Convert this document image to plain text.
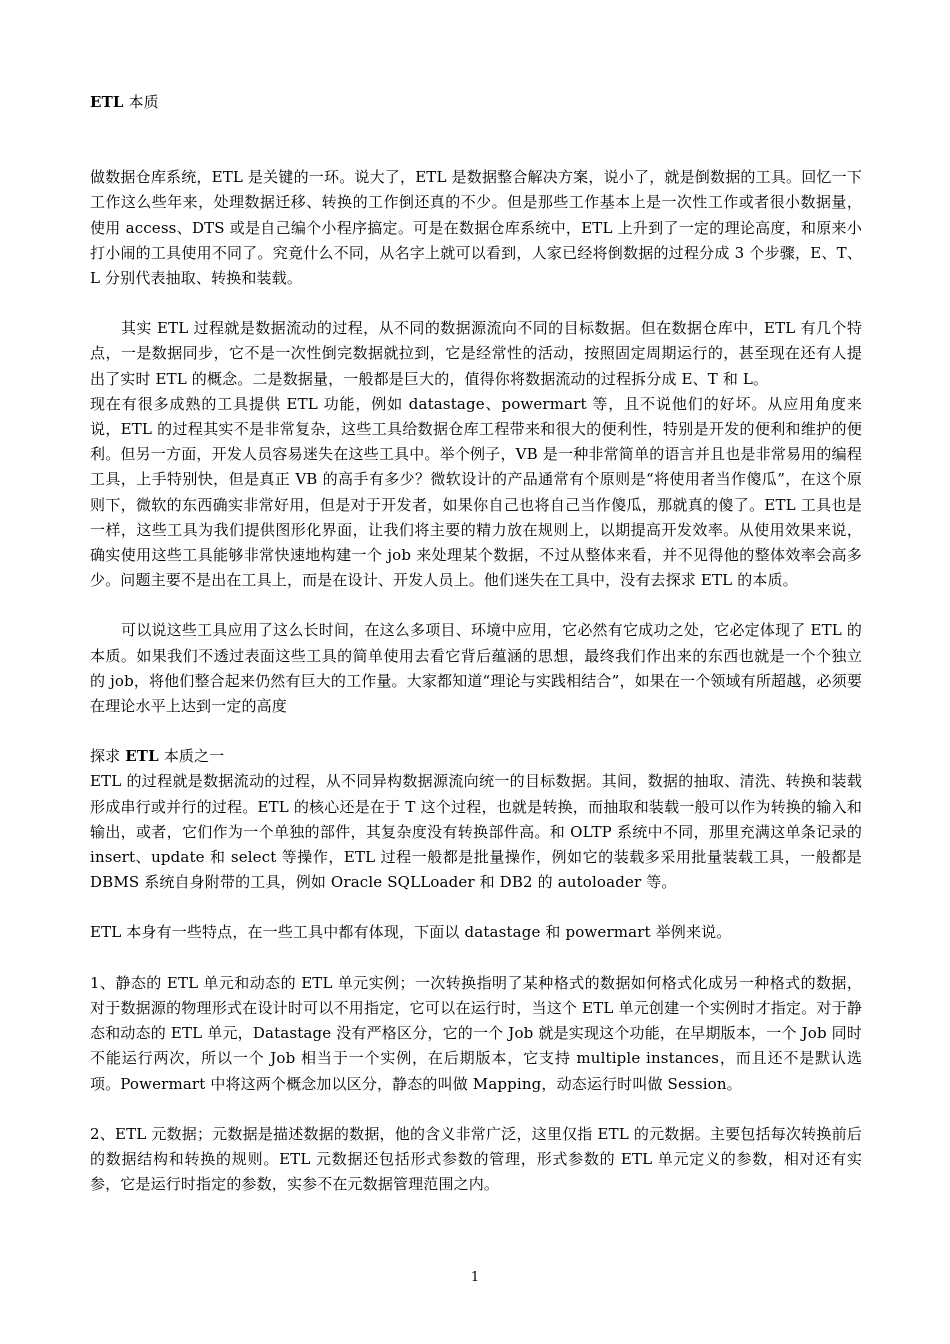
ETL 本质

做数据仓库系统，ETL 是关键的一环。说大了，ETL 是数据整合解决方案，说小了，就是倒数据的工具。回忆一下工作这么些年来，处理数据迁移、转换的工作倒还真的不少。但是那些工作基本上是一次性工作或者很小数据量，使用 access、DTS 或是自己编个小程序搞定。可是在数据仓库系统中，ETL 上升到了一定的理论高度，和原来小打小闹的工具使用不同了。究竟什么不同，从名字上就可以看到，人家已经将倒数据的过程分成 3 个步骤，E、T、L 分别代表抽取、转换和装载。

其实 ETL 过程就是数据流动的过程，从不同的数据源流向不同的目标数据。但在数据仓库中，ETL 有几个特点，一是数据同步，它不是一次性倒完数据就拉到，它是经常性的活动，按照固定周期运行的，甚至现在还有人提出了实时 ETL 的概念。二是数据量，一般都是巨大的，值得你将数据流动的过程拆分成 E、T 和 L。

现在有很多成熟的工具提供 ETL 功能，例如 datastage、powermart 等，且不说他们的好坏。从应用角度来说，ETL 的过程其实不是非常复杂，这些工具给数据仓库工程带来和很大的便利性，特别是开发的便利和维护的便利。但另一方面，开发人员容易迷失在这些工具中。举个例子，VB 是一种非常简单的语言并且也是非常易用的编程工具，上手特别快，但是真正 VB 的高手有多少？微软设计的产品通常有个原则是“将使用者当作傻瓜”，在这个原则下，微软的东西确实非常好用，但是对于开发者，如果你自己也将自己当作傻瓜，那就真的傻了。ETL 工具也是一样，这些工具为我们提供图形化界面，让我们将主要的精力放在规则上，以期提高开发效率。从使用效果来说，确实使用这些工具能够非常快速地构建一个 job 来处理某个数据，不过从整体来看，并不见得他的整体效率会高多少。问题主要不是出在工具上，而是在设计、开发人员上。他们迷失在工具中，没有去探求 ETL 的本质。

可以说这些工具应用了这么长时间，在这么多项目、环境中应用，它必然有它成功之处，它必定体现了 ETL 的本质。如果我们不透过表面这些工具的简单使用去看它背后蕴涵的思想，最终我们作出来的东西也就是一个个独立的 job，将他们整合起来仍然有巨大的工作量。大家都知道“理论与实践相结合”，如果在一个领域有所超越，必须要在理论水平上达到一定的高度

探求 ETL 本质之一

ETL 的过程就是数据流动的过程，从不同异构数据源流向统一的目标数据。其间，数据的抽取、清洗、转换和装载形成串行或并行的过程。ETL 的核心还是在于 T 这个过程，也就是转换，而抽取和装载一般可以作为转换的输入和输出，或者，它们作为一个单独的部件，其复杂度没有转换部件高。和 OLTP 系统中不同，那里充满这单条记录的 insert、update 和 select 等操作，ETL 过程一般都是批量操作，例如它的装载多采用批量装载工具，一般都是 DBMS 系统自身附带的工具，例如 Oracle SQLLoader 和 DB2 的 autoloader 等。

ETL 本身有一些特点，在一些工具中都有体现，下面以 datastage 和 powermart 举例来说。

1、静态的 ETL 单元和动态的 ETL 单元实例；一次转换指明了某种格式的数据如何格式化成另一种格式的数据，对于数据源的物理形式在设计时可以不用指定，它可以在运行时，当这个 ETL 单元创建一个实例时才指定。对于静态和动态的 ETL 单元，Datastage 没有严格区分，它的一个 Job 就是实现这个功能，在早期版本，一个 Job 同时不能运行两次，所以一个 Job 相当于一个实例，在后期版本，它支持 multiple instances，而且还不是默认选项。Powermart 中将这两个概念加以区分，静态的叫做 Mapping，动态运行时叫做 Session。

2、ETL 元数据；元数据是描述数据的数据，他的含义非常广泛，这里仅指 ETL 的元数据。主要包括每次转换前后的数据结构和转换的规则。ETL 元数据还包括形式参数的管理，形式参数的 ETL 单元定义的参数，相对还有实参，它是运行时指定的参数，实参不在元数据管理范围之内。

1
